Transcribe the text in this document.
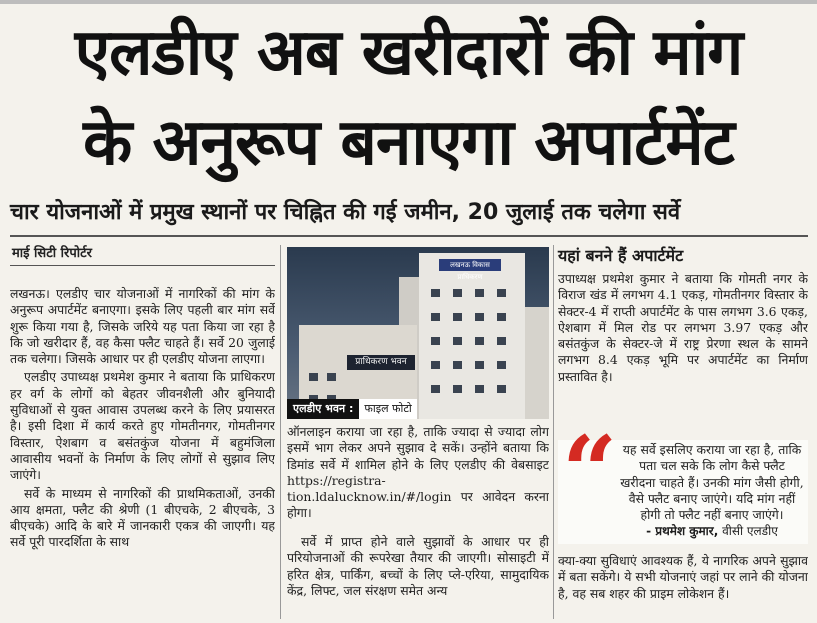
एलडीए अब खरीदारों की मांग
के अनुरूप बनाएगा अपार्टमेंट
चार योजनाओं में प्रमुख स्थानों पर चिह्नित की गई जमीन, 20 जुलाई तक चलेगा सर्वे
माई सिटी रिपोर्टर

लखनऊ। एलडीए चार योजनाओं में नागरिकों की मांग के अनुरूप अपार्टमेंट बनाएगा। इसके लिए पहली बार मांग सर्वे शुरू किया गया है, जिसके जरिये यह पता किया जा रहा है कि जो खरीदार हैं, वह कैसा फ्लैट चाहते हैं। सर्वे 20 जुलाई तक चलेगा। जिसके आधार पर ही एलडीए योजना लाएगा।

एलडीए उपाध्यक्ष प्रथमेश कुमार ने बताया कि प्राधिकरण हर वर्ग के लोगों को बेहतर जीवनशैली और बुनियादी सुविधाओं से युक्त आवास उपलब्ध करने के लिए प्रयासरत है। इसी दिशा में कार्य करते हुए गोमतीनगर, गोमतीनगर विस्तार, ऐशबाग व बसंतकुंज योजना में बहुमंजिला आवासीय भवनों के निर्माण के लिए लोगों से सुझाव लिए जाएंगे।

सर्वे के माध्यम से नागरिकों की प्राथमिकताओं, उनकी आय क्षमता, फ्लैट की श्रेणी (1 बीएचके, 2 बीएचके, 3 बीएचके) आदि के बारे में जानकारी एकत्र की जाएगी। यह सर्वे पूरी पारदर्शिता के साथ

लखनऊ विकास प्राधिकरण
प्राधिकरण भवन
एलडीए भवन : फाइल फोटो

ऑनलाइन कराया जा रहा है, ताकि ज्यादा से ज्यादा लोग इसमें भाग लेकर अपने सुझाव दे सकें। उन्होंने बताया कि डिमांड सर्वे में शामिल होने के लिए एलडीए की वेबसाइट https://registra-tion.ldalucknow.in/#/login पर आवेदन करना होगा।

सर्वे में प्राप्त होने वाले सुझावों के आधार पर ही परियोजनाओं की रूपरेखा तैयार की जाएगी। सोसाइटी में हरित क्षेत्र, पार्किंग, बच्चों के लिए प्ले-एरिया, सामुदायिक केंद्र, लिफ्ट, जल संरक्षण समेत अन्य

यहां बनने हैं अपार्टमेंट

उपाध्यक्ष प्रथमेश कुमार ने बताया कि गोमती नगर के विराज खंड में लगभग 4.1 एकड़, गोमतीनगर विस्तार के सेक्टर-4 में राप्ती अपार्टमेंट के पास लगभग 3.6 एकड़, ऐशबाग में मिल रोड पर लगभग 3.97 एकड़ और बसंतकुंज के सेक्टर-जे में राष्ट्र प्रेरणा स्थल के सामने लगभग 8.4 एकड़ भूमि पर अपार्टमेंट का निर्माण प्रस्तावित है।

“ यह सर्वे इसलिए कराया जा रहा है, ताकि पता चल सके कि लोग कैसे फ्लैट खरीदना चाहते हैं। उनकी मांग जैसी होगी, वैसे फ्लैट बनाए जाएंगे। यदि मांग नहीं होगी तो फ्लैट नहीं बनाए जाएंगे।
- प्रथमेश कुमार, वीसी एलडीए

क्या-क्या सुविधाएं आवश्यक हैं, ये नागरिक अपने सुझाव में बता सकेंगे। ये सभी योजनाएं जहां पर लाने की योजना है, वह सब शहर की प्राइम लोकेशन हैं।
